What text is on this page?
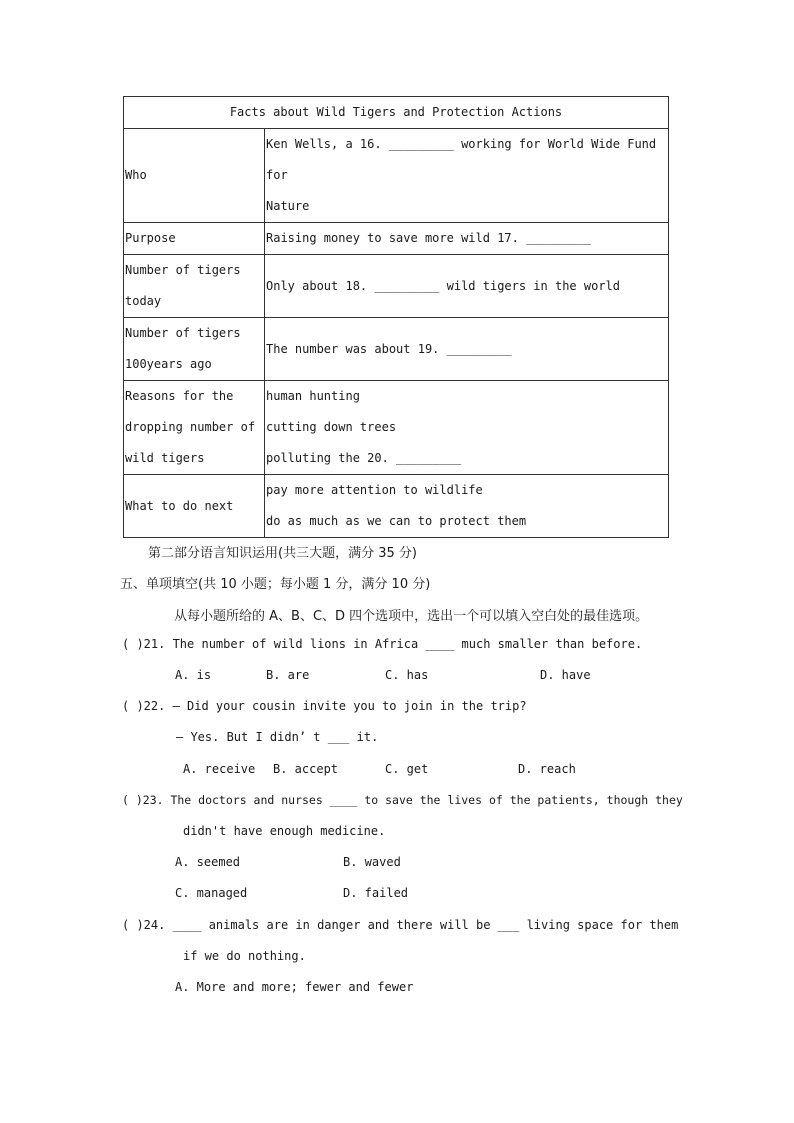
Facts about Wild Tigers and Protection Actions	

Who	Ken Wells, a 16. _________ working for World Wide Fund for
Nature

Purpose	Raising money to save more wild 17. _________

Number of tigers
today	Only about 18. _________ wild tigers in the world

Number of tigers
100years ago	The number was about 19. _________

Reasons for the
dropping number of
wild tigers	human hunting
cutting down trees
polluting the 20. _________

What to do next	pay more attention to wildlife
do as much as we can to protect them
第二部分语言知识运用(共三大题，满分 35 分)
五、单项填空(共 10 小题；每小题 1 分，满分 10 分)
从每小题所给的 A、B、C、D 四个选项中，选出一个可以填入空白处的最佳选项。
( )21. The number of wild lions in Africa ____ much smaller than before.
A. is	B. are	C. has	D. have
( )22. — Did your cousin invite you to join in the trip?
— Yes. But I didn’ t ___ it.
A. receive B. accept	C. get	D. reach
( )23. The doctors and nurses ____ to save the lives of the patients, though they
didn't have enough medicine.
A. seemed	B. waved
C. managed	D. failed
( )24. ____ animals are in danger and there will be ___ living space for them
if we do nothing.
A. More and more; fewer and fewer
